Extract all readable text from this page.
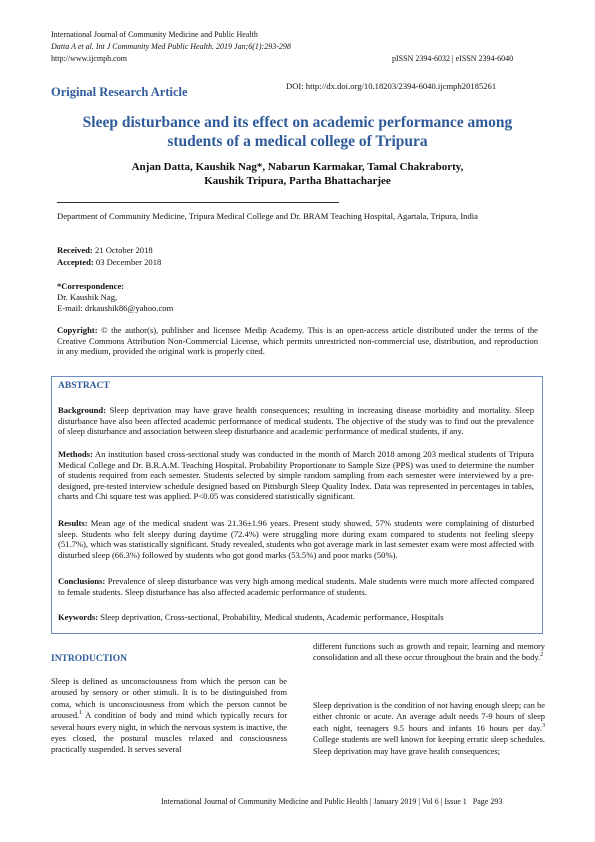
International Journal of Community Medicine and Public Health
Datta A et al. Int J Community Med Public Health. 2019 Jan;6(1):293-298
http://www.ijcmph.com	pISSN 2394-6032 | eISSN 2394-6040
Original Research Article	DOI: http://dx.doi.org/10.18203/2394-6040.ijcmph20185261
Sleep disturbance and its effect on academic performance among
students of a medical college of Tripura
Anjan Datta, Kaushik Nag*, Nabarun Karmakar, Tamal Chakraborty,
Kaushik Tripura, Partha Bhattacharjee
Department of Community Medicine, Tripura Medical College and Dr. BRAM Teaching Hospital, Agartala, Tripura, India
Received: 21 October 2018
Accepted: 03 December 2018
*Correspondence:
Dr. Kaushik Nag,
E-mail: drkaushik86@yahoo.com
Copyright: © the author(s), publisher and licensee Medip Academy. This is an open-access article distributed under the terms of the Creative Commons Attribution Non-Commercial License, which permits unrestricted non-commercial use, distribution, and reproduction in any medium, provided the original work is properly cited.
ABSTRACT
Background: Sleep deprivation may have grave health consequences; resulting in increasing disease morbidity and mortality. Sleep disturbance have also been affected academic performance of medical students. The objective of the study was to find out the prevalence of sleep disturbance and association between sleep disturbance and academic performance of medical students, if any.
Methods: An institution based cross-sectional study was conducted in the month of March 2018 among 203 medical students of Tripura Medical College and Dr. B.R.A.M. Teaching Hospital. Probability Proportionate to Sample Size (PPS) was used to determine the number of students required from each semester. Students selected by simple random sampling from each semester were interviewed by a pre-designed, pre-tested interview schedule designed based on Pittsburgh Sleep Quality Index. Data was represented in percentages in tables, charts and Chi square test was applied. P<0.05 was considered statistically significant.
Results: Mean age of the medical student was 21.36±1.96 years. Present study showed, 57% students were complaining of disturbed sleep. Students who felt sleepy during daytime (72.4%) were struggling more during exam compared to students not feeling sleepy (51.7%), which was statistically significant. Study revealed, students who got average mark in last semester exam were most affected with disturbed sleep (66.3%) followed by students who got good marks (53.5%) and poor marks (50%).
Conclusions: Prevalence of sleep disturbance was very high among medical students. Male students were much more affected compared to female students. Sleep disturbance has also affected academic performance of students.
Keywords: Sleep deprivation, Cross-sectional, Probability, Medical students, Academic performance, Hospitals
INTRODUCTION
Sleep is defined as unconsciousness from which the person can be aroused by sensory or other stimuli. It is to be distinguished from coma, which is unconsciousness from which the person cannot be aroused.$^1$ A condition of body and mind which typically recurs for several hours every night, in which the nervous system is inactive, the eyes closed, the postural muscles relaxed and consciousness practically suspended. It serves several
different functions such as growth and repair, learning and memory consolidation and all these occur throughout the brain and the body.$^2$
Sleep deprivation is the condition of not having enough sleep; can be either chronic or acute. An average adult needs 7-9 hours of sleep each night, teenagers 9.5 hours and infants 16 hours per day.$^3$ College students are well known for keeping erratic sleep schedules. Sleep deprivation may have grave health consequences;
International Journal of Community Medicine and Public Health | January 2019 | Vol 6 | Issue 1 Page 293
